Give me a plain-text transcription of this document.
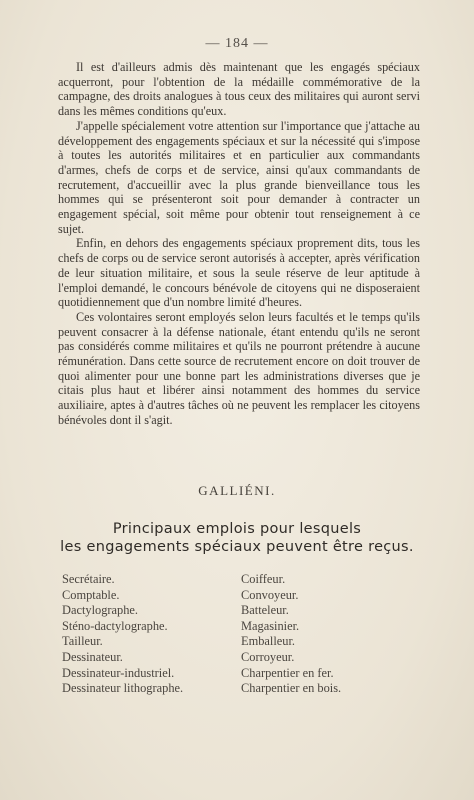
— 184 —

Il est d'ailleurs admis dès maintenant que les engagés spéciaux acquerront, pour l'obtention de la médaille commémorative de la campagne, des droits analogues à tous ceux des militaires qui auront servi dans les mêmes conditions qu'eux.

J'appelle spécialement votre attention sur l'importance que j'attache au développement des engagements spéciaux et sur la nécessité qui s'impose à toutes les autorités militaires et en particulier aux commandants d'armes, chefs de corps et de service, ainsi qu'aux commandants de recrutement, d'accueillir avec la plus grande bienveillance tous les hommes qui se présenteront soit pour demander à contracter un engagement spécial, soit même pour obtenir tout renseignement à ce sujet.

Enfin, en dehors des engagements spéciaux proprement dits, tous les chefs de corps ou de service seront autorisés à accepter, après vérification de leur situation militaire, et sous la seule réserve de leur aptitude à l'emploi demandé, le concours bénévole de citoyens qui ne disposeraient quotidiennement que d'un nombre limité d'heures.

Ces volontaires seront employés selon leurs facultés et le temps qu'ils peuvent consacrer à la défense nationale, étant entendu qu'ils ne seront pas considérés comme militaires et qu'ils ne pourront prétendre à aucune rémunération. Dans cette source de recrutement encore on doit trouver de quoi alimenter pour une bonne part les administrations diverses que je citais plus haut et libérer ainsi notamment des hommes du service auxiliaire, aptes à d'autres tâches où ne peuvent les remplacer les citoyens bénévoles dont il s'agit.

GALLIÉNI.
Principaux emplois pour lesquels
les engagements spéciaux peuvent être reçus.
Secrétaire.
Comptable.
Dactylographe.
Sténo-dactylographe.
Tailleur.
Dessinateur.
Dessinateur-industriel.
Dessinateur lithographe.
Coiffeur.
Convoyeur.
Batteleur.
Magasinier.
Emballeur.
Corroyeur.
Charpentier en fer.
Charpentier en bois.
